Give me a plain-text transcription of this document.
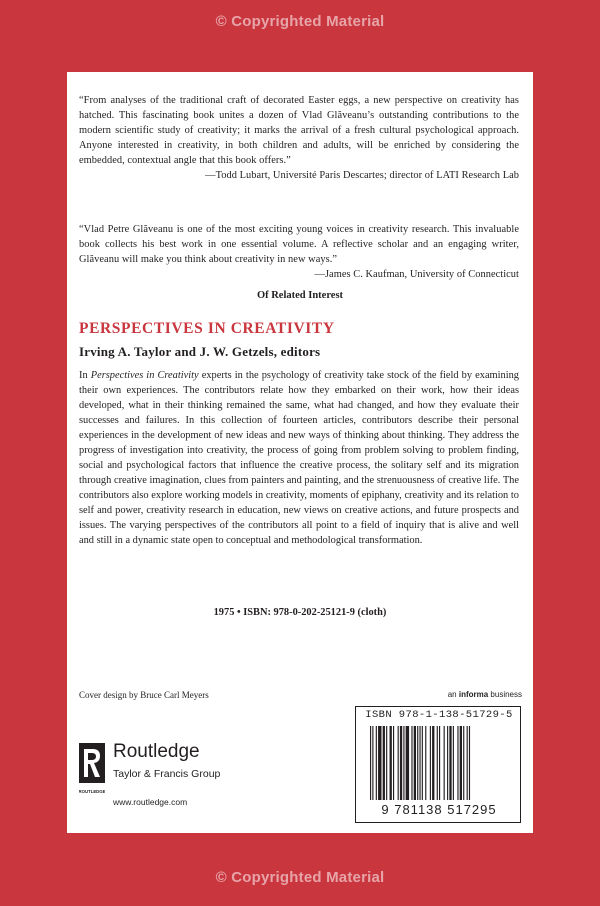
© Copyrighted Material
“From analyses of the traditional craft of decorated Easter eggs, a new perspective on creativity has hatched. This fascinating book unites a dozen of Vlad Glăveanu’s outstanding contributions to the modern scientific study of creativity; it marks the arrival of a fresh cultural psychological approach. Anyone interested in creativity, in both children and adults, will be enriched by considering the embedded, contextual angle that this book offers.”
—Todd Lubart, Université Paris Descartes; director of LATI Research Lab
“Vlad Petre Glăveanu is one of the most exciting young voices in creativity research. This invaluable book collects his best work in one essential volume. A reflective scholar and an engaging writer, Glăveanu will make you think about creativity in new ways.”
—James C. Kaufman, University of Connecticut
Of Related Interest
PERSPECTIVES IN CREATIVITY
Irving A. Taylor and J. W. Getzels, editors
In Perspectives in Creativity experts in the psychology of creativity take stock of the field by examining their own experiences. The contributors relate how they embarked on their work, how their ideas developed, what in their thinking remained the same, what had changed, and how they evaluate their successes and failures. In this collection of fourteen articles, contributors describe their personal experiences in the development of new ideas and new ways of thinking about thinking. They address the progress of investigation into creativity, the process of going from problem solving to problem finding, social and psychological factors that influence the creative process, the solitary self and its migration through creative imagination, clues from painters and painting, and the strenuousness of creative life. The contributors also explore working models in creativity, moments of epiphany, creativity and its relation to self and power, creativity research in education, new views on creative actions, and future prospects and issues. The varying perspectives of the contributors all point to a field of inquiry that is alive and well and still in a dynamic state open to conceptual and methodological transformation.
1975 • ISBN: 978-0-202-25121-9 (cloth)
Cover design by Bruce Carl Meyers	an informa business
ROUTLEDGE
Routledge
Taylor & Francis Group
www.routledge.com
ISBN 978-1-138-51729-5
9 781138 517295
© Copyrighted Material
